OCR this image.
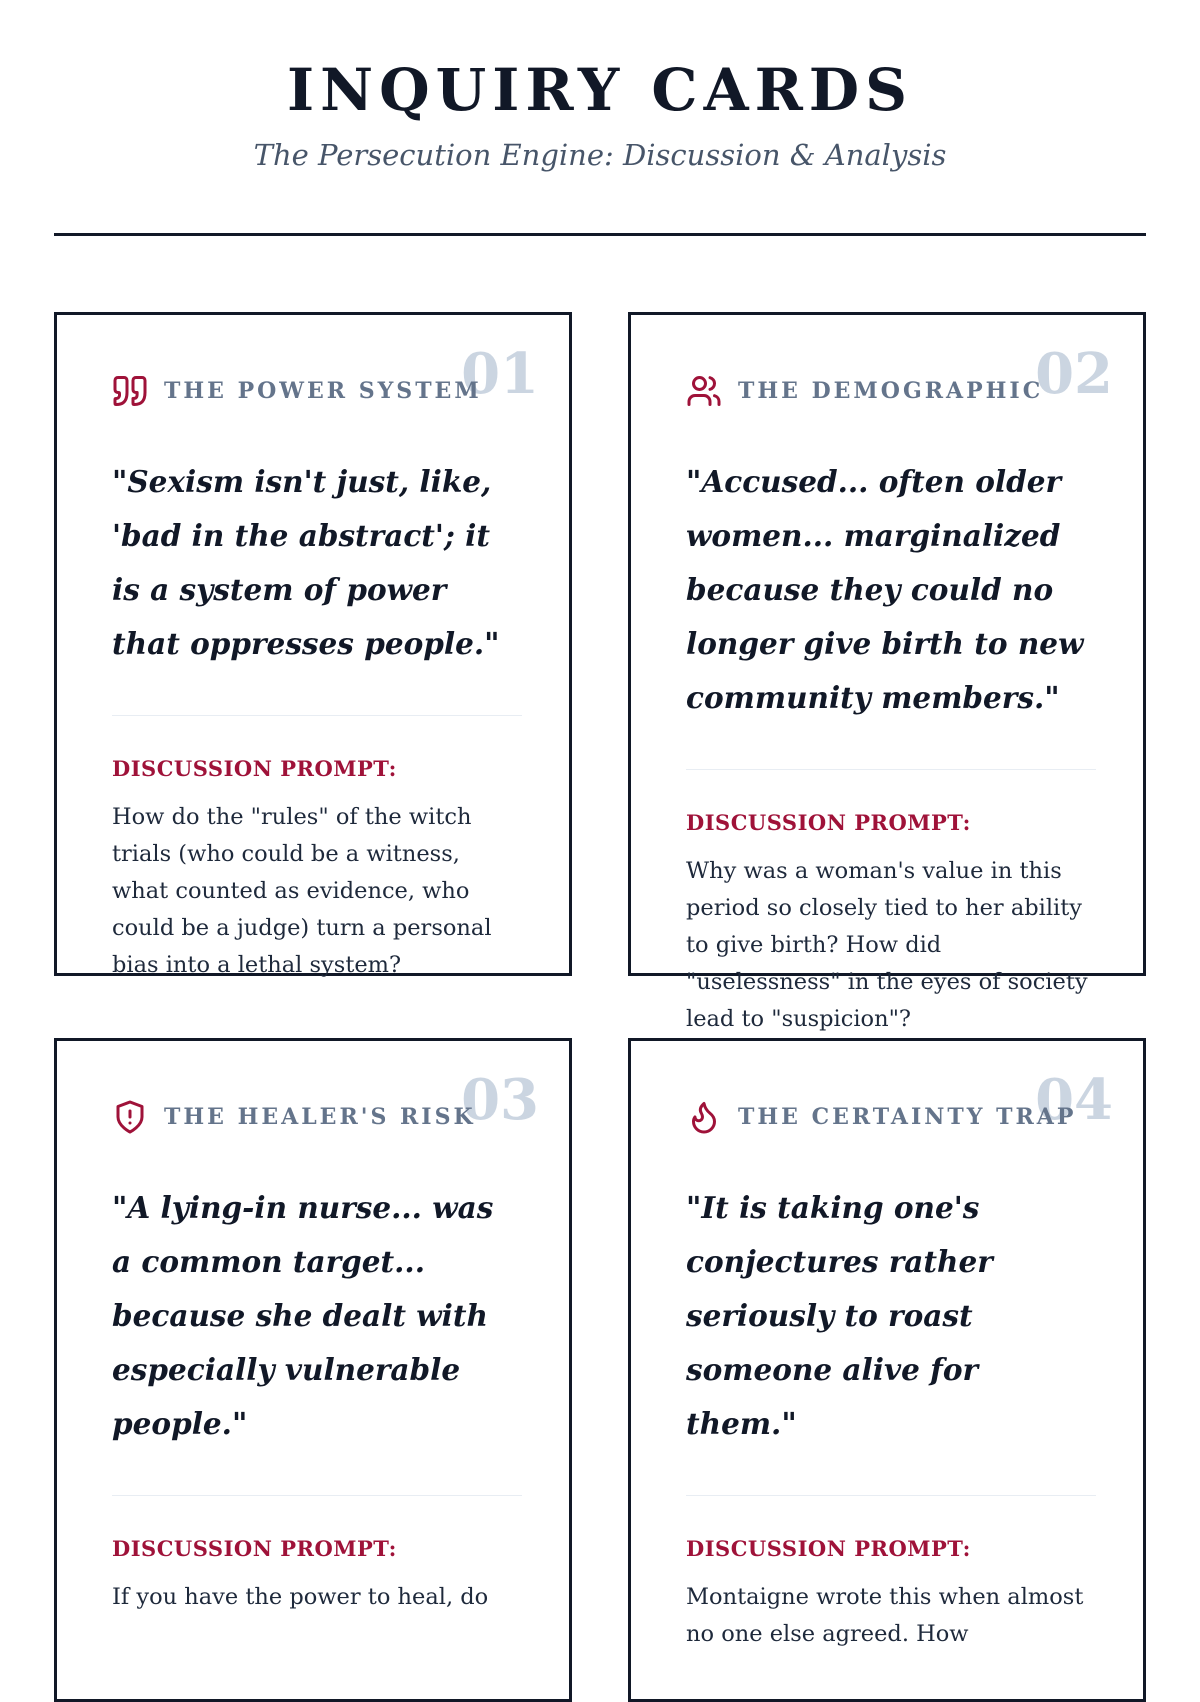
INQUIRY CARDS
The Persecution Engine: Discussion & Analysis
01
THE POWER SYSTEM

"Sexism isn't just, like, 'bad in the abstract'; it is a system of power that oppresses people."

DISCUSSION PROMPT:
How do the "rules" of the witch trials (who could be a witness, what counted as evidence, who could be a judge) turn a personal bias into a lethal system?
02
THE DEMOGRAPHIC

"Accused... often older women... marginalized because they could no longer give birth to new community members."

DISCUSSION PROMPT:
Why was a woman's value in this period so closely tied to her ability to give birth? How did "uselessness" in the eyes of society lead to "suspicion"?
03
THE HEALER'S RISK

"A lying-in nurse... was a common target... because she dealt with especially vulnerable people."

DISCUSSION PROMPT:
If you have the power to heal, do
04
THE CERTAINTY TRAP

"It is taking one's conjectures rather seriously to roast someone alive for them."

DISCUSSION PROMPT:
Montaigne wrote this when almost no one else agreed. How
